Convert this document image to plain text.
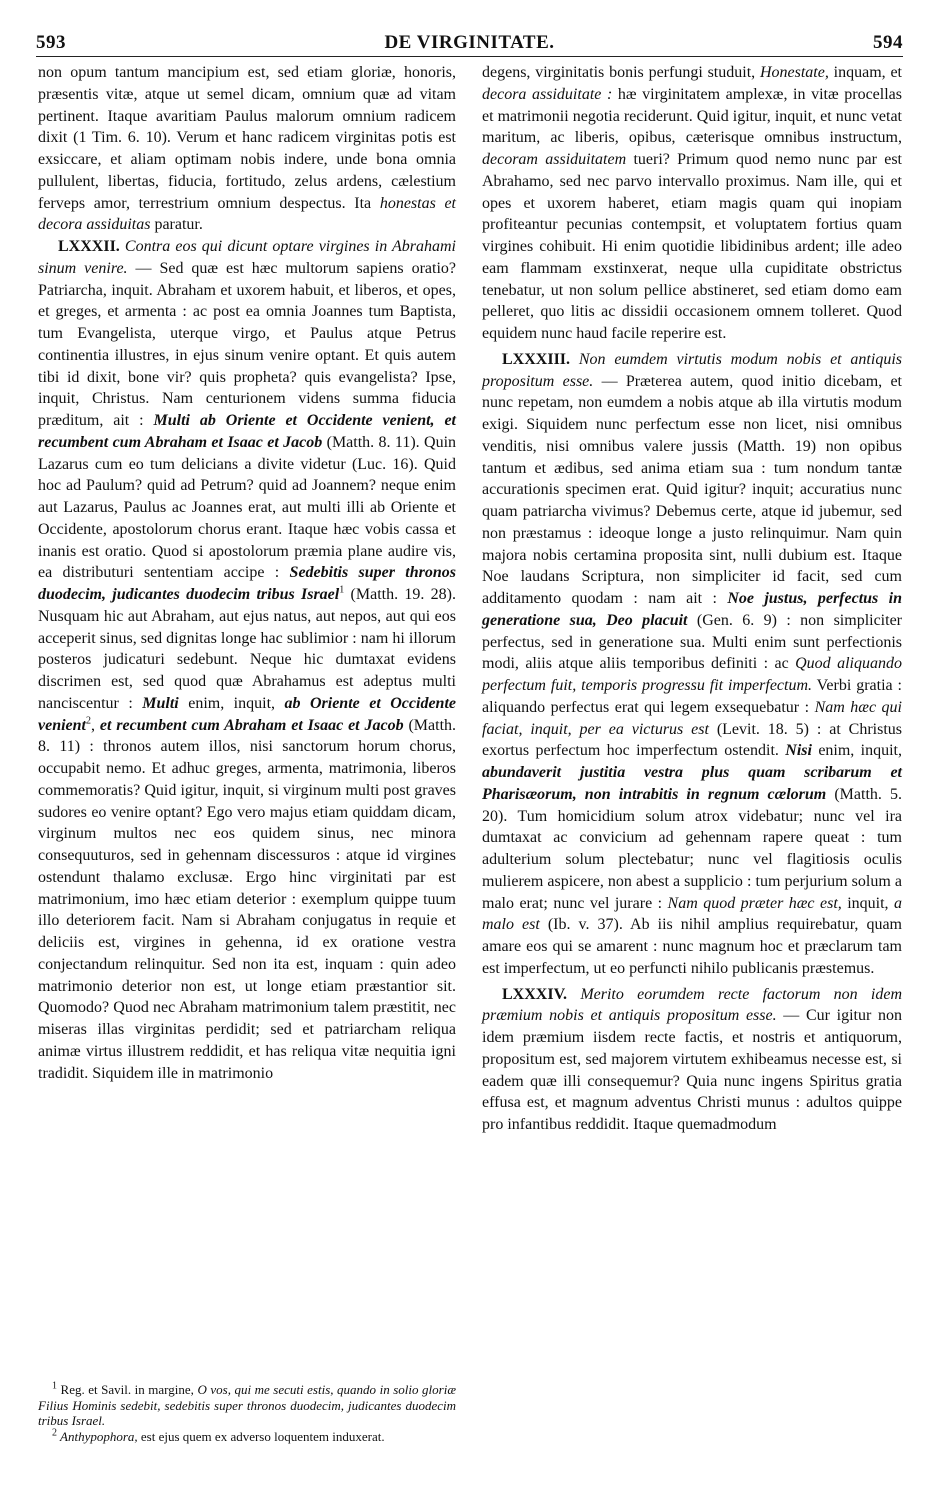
593	DE VIRGINITATE.	594

non opum tantum mancipium est, sed etiam gloriæ, honoris, præsentis vitæ, atque ut semel dicam, omnium quæ ad vitam pertinent. Itaque avaritiam Paulus malorum omnium radicem dixit (1 Tim. 6. 10). Verum et hanc radicem virginitas potis est exsiccare, et aliam optimam nobis indere, unde bona omnia pullulent, libertas, fiducia, fortitudo, zelus ardens, cælestium ferveps amor, terrestrium omnium despectus. Ita honestas et decora assiduitas paratur.

LXXXII. Contra eos qui dicunt optare virgines in Abrahami sinum venire. — Sed quæ est hæc multorum sapiens oratio? Patriarcha, inquit. Abraham et uxorem habuit, et liberos, et opes, et greges, et armenta : ac post ea omnia Joannes tum Baptista, tum Evangelista, uterque virgo, et Paulus atque Petrus continentia illustres, in ejus sinum venire optant. Et quis autem tibi id dixit, bone vir? quis propheta? quis evangelista? Ipse, inquit, Christus. Nam centurionem videns summa fiducia præditum, ait : Multi ab Oriente et Occidente venient, et recumbent cum Abraham et Isaac et Jacob (Matth. 8. 11). Quin Lazarus cum eo tum delicians a divite videtur (Luc. 16). Quid hoc ad Paulum? quid ad Petrum? quid ad Joannem? neque enim aut Lazarus, Paulus ac Joannes erat, aut multi illi ab Oriente et Occidente, apostolorum chorus erant. Itaque hæc vobis cassa et inanis est oratio. Quod si apostolorum præmia plane audire vis, ea distributuri sententiam accipe : Sedebitis super thronos duodecim, judicantes duodecim tribus Israel$^1$ (Matth. 19. 28). Nusquam hic aut Abraham, aut ejus natus, aut nepos, aut qui eos acceperit sinus, sed dignitas longe hac sublimior : nam hi illorum posteros judicaturi sedebunt. Neque hic dumtaxat evidens discrimen est, sed quod quæ Abrahamus est adeptus multi nanciscentur : Multi enim, inquit, ab Oriente et Occidente venient$^2$, et recumbent cum Abraham et Isaac et Jacob (Matth. 8. 11) : thronos autem illos, nisi sanctorum horum chorus, occupabit nemo. Et adhuc greges, armenta, matrimonia, liberos commemoratis? Quid igitur, inquit, si virginum multi post graves sudores eo venire optant? Ego vero majus etiam quiddam dicam, virginum multos nec eos quidem sinus, nec minora consequuturos, sed in gehennam discessuros : atque id virgines ostendunt thalamo exclusæ. Ergo hinc virginitati par est matrimonium, imo hæc etiam deterior : exemplum quippe tuum illo deteriorem facit. Nam si Abraham conjugatus in requie et deliciis est, virgines in gehenna, id ex oratione vestra conjectandum relinquitur. Sed non ita est, inquam : quin adeo matrimonio deterior non est, ut longe etiam præstantior sit. Quomodo? Quod nec Abraham matrimonium talem præstitit, nec miseras illas virginitas perdidit; sed et patriarcham reliqua animæ virtus illustrem reddidit, et has reliqua vitæ nequitia igni tradidit. Siquidem ille in matrimonio

$^1$ Reg. et Savil. in margine, O vos, qui me secuti estis, quando in solio gloriæ Filius Hominis sedebit, sedebitis super thronos duodecim, judicantes duodecim tribus Israel.

$^2$ Anthypophora, est ejus quem ex adverso loquentem induxerat.

degens, virginitatis bonis perfungi studuit, Honestate, inquam, et decora assiduitate : hæ virginitatem amplexæ, in vitæ procellas et matrimonii negotia reciderunt. Quid igitur, inquit, et nunc vetat maritum, ac liberis, opibus, cæterisque omnibus instructum, decoram assiduitatem tueri? Primum quod nemo nunc par est Abrahamo, sed nec parvo intervallo proximus. Nam ille, qui et opes et uxorem haberet, etiam magis quam qui inopiam profiteantur pecunias contempsit, et voluptatem fortius quam virgines cohibuit. Hi enim quotidie libidinibus ardent; ille adeo eam flammam exstinxerat, neque ulla cupiditate obstrictus tenebatur, ut non solum pellice abstineret, sed etiam domo eam pelleret, quo litis ac dissidii occasionem omnem tolleret. Quod equidem nunc haud facile reperire est.

LXXXIII. Non eumdem virtutis modum nobis et antiquis propositum esse. — Præterea autem, quod initio dicebam, et nunc repetam, non eumdem a nobis atque ab illa virtutis modum exigi. Siquidem nunc perfectum esse non licet, nisi omnibus venditis, nisi omnibus valere jussis (Matth. 19) non opibus tantum et ædibus, sed anima etiam sua : tum nondum tantæ accurationis specimen erat. Quid igitur? inquit; accuratius nunc quam patriarcha vivimus? Debemus certe, atque id jubemur, sed non præstamus : ideoque longe a justo relinquimur. Nam quin majora nobis certamina proposita sint, nulli dubium est. Itaque Noe laudans Scriptura, non simpliciter id facit, sed cum additamento quodam : nam ait : Noe justus, perfectus in generatione sua, Deo placuit (Gen. 6. 9) : non simpliciter perfectus, sed in generatione sua. Multi enim sunt perfectionis modi, aliis atque aliis temporibus definiti : ac Quod aliquando perfectum fuit, temporis progressu fit imperfectum. Verbi gratia : aliquando perfectus erat qui legem exsequebatur : Nam hæc qui faciat, inquit, per ea victurus est (Levit. 18. 5) : at Christus exortus perfectum hoc imperfectum ostendit. Nisi enim, inquit, abundaverit justitia vestra plus quam scribarum et Pharisæorum, non intrabitis in regnum cælorum (Matth. 5. 20). Tum homicidium solum atrox videbatur; nunc vel ira dumtaxat ac convicium ad gehennam rapere queat : tum adulterium solum plectebatur; nunc vel flagitiosis oculis mulierem aspicere, non abest a supplicio : tum perjurium solum a malo erat; nunc vel jurare : Nam quod præter hæc est, inquit, a malo est (Ib. v. 37). Ab iis nihil amplius requirebatur, quam amare eos qui se amarent : nunc magnum hoc et præclarum tam est imperfectum, ut eo perfuncti nihilo publicanis præstemus.

LXXXIV. Merito eorumdem recte factorum non idem præmium nobis et antiquis propositum esse. — Cur igitur non idem præmium iisdem recte factis, et nostris et antiquorum, propositum est, sed majorem virtutem exhibeamus necesse est, si eadem quæ illi consequemur? Quia nunc ingens Spiritus gratia effusa est, et magnum adventus Christi munus : adultos quippe pro infantibus reddidit. Itaque quemadmodum
